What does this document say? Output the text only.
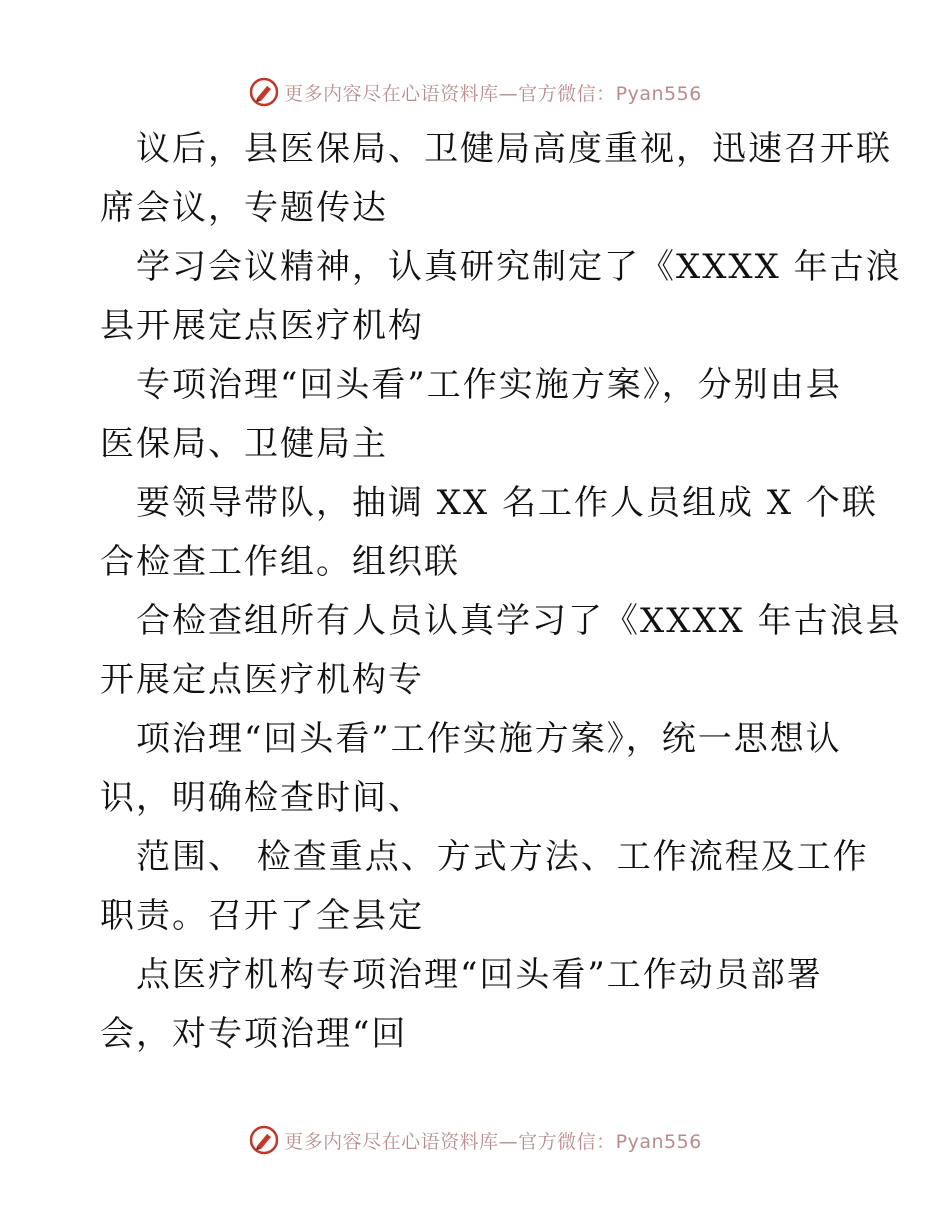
更多内容尽在心语资料库—官方微信：Pyan556
议后，县医保局、卫健局高度重视，迅速召开联
席会议，专题传达
学习会议精神，认真研究制定了《XXXX 年古浪
县开展定点医疗机构
专项治理“回头看”工作实施方案》，分别由县
医保局、卫健局主
要领导带队，抽调 XX 名工作人员组成 X 个联
合检查工作组。组织联
合检查组所有人员认真学习了《XXXX 年古浪县
开展定点医疗机构专
项治理“回头看”工作实施方案》，统一思想认
识，明确检查时间、
范围、 检查重点、方式方法、工作流程及工作
职责。召开了全县定
点医疗机构专项治理“回头看”工作动员部署
会，对专项治理“回
更多内容尽在心语资料库—官方微信：Pyan556
